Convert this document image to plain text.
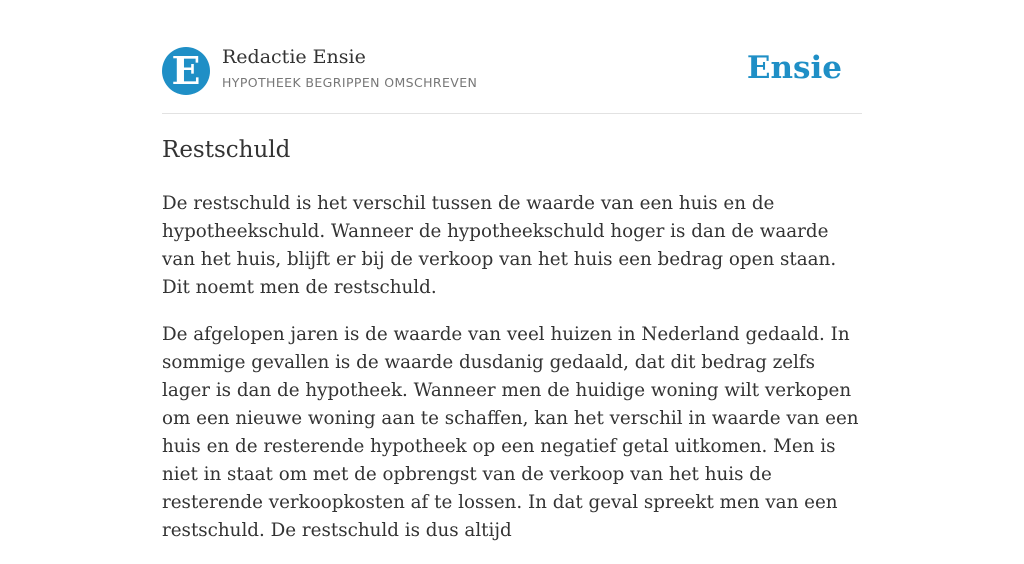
E	Redactie Ensie
HYPOTHEEK BEGRIPPEN OMSCHREVEN	Ensie
Restschuld

De restschuld is het verschil tussen de waarde van een huis en de hypotheekschuld. Wanneer de hypotheekschuld hoger is dan de waarde van het huis, blijft er bij de verkoop van het huis een bedrag open staan. Dit noemt men de restschuld.

De afgelopen jaren is de waarde van veel huizen in Nederland gedaald. In sommige gevallen is de waarde dusdanig gedaald, dat dit bedrag zelfs lager is dan de hypotheek. Wanneer men de huidige woning wilt verkopen om een nieuwe woning aan te schaffen, kan het verschil in waarde van een huis en de resterende hypotheek op een negatief getal uitkomen. Men is niet in staat om met de opbrengst van de verkoop van het huis de resterende verkoopkosten af te lossen. In dat geval spreekt men van een restschuld. De restschuld is dus altijd
